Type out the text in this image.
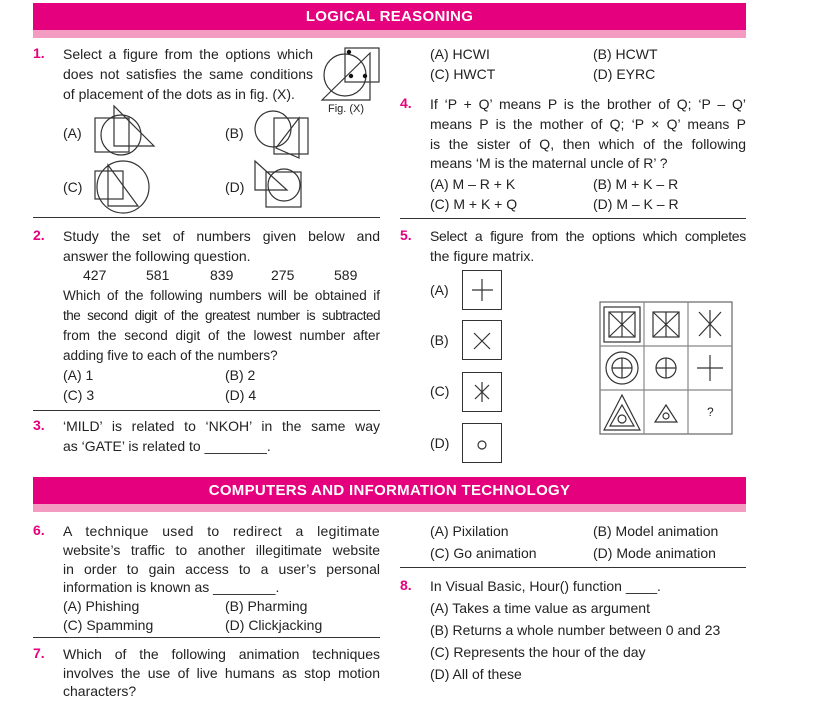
LOGICAL REASONING
1. Select a figure from the options which
does not satisfies the same conditions
of placement of the dots as in fig. (X).
Fig. (X)
(A)	(B)
(C)	(D)
2. Study the set of numbers given below and
answer the following question.
427	581	839	275	589
Which of the following numbers will be obtained if
the second digit of the greatest number is subtracted
from the second digit of the lowest number after
adding five to each of the numbers?
(A) 1	(B) 2
(C) 3	(D) 4
3. ‘MILD’ is related to ‘NKOH’ in the same way
as ‘GATE’ is related to ________.
(A) HCWI	(B) HCWT
(C) HWCT	(D) EYRC
4. If ‘P + Q’ means P is the brother of Q; ‘P – Q’
means P is the mother of Q; ‘P × Q’ means P
is the sister of Q, then which of the following
means ‘M is the maternal uncle of R’ ?
(A) M – R + K	(B) M + K – R
(C) M + K + Q	(D) M – K – R
5. Select a figure from the options which completes
the figure matrix.
(A)
(B)
(C)
(D)
?
COMPUTERS AND INFORMATION TECHNOLOGY
6. A technique used to redirect a legitimate
website’s traffic to another illegitimate website
in order to gain access to a user’s personal
information is known as ________.
(A) Phishing	(B) Pharming
(C) Spamming	(D) Clickjacking
7. Which of the following animation techniques
involves the use of live humans as stop motion
characters?
(A) Pixilation	(B) Model animation
(C) Go animation	(D) Mode animation
8. In Visual Basic, Hour() function ____.
(A) Takes a time value as argument
(B) Returns a whole number between 0 and 23
(C) Represents the hour of the day
(D) All of these
